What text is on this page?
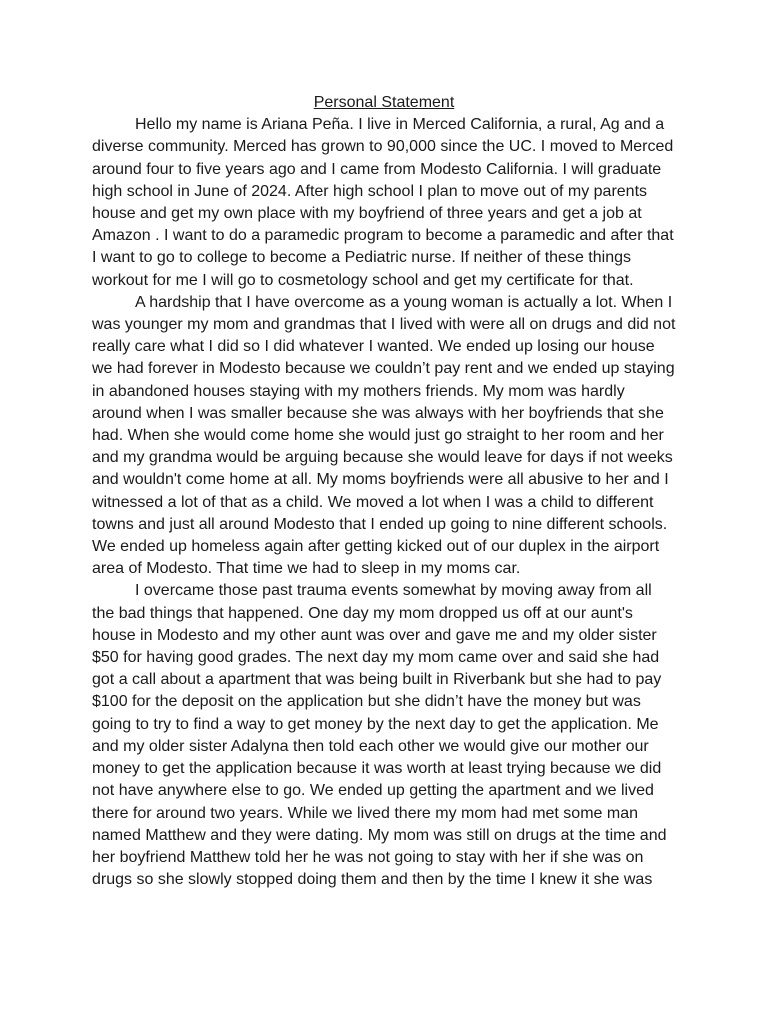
Personal Statement

Hello my name is Ariana Peña. I live in Merced California, a rural, Ag and a diverse community. Merced has grown to 90,000 since the UC. I moved to Merced around four to five years ago and I came from Modesto California. I will graduate high school in June of 2024. After high school I plan to move out of my parents house and get my own place with my boyfriend of three years and get a job at Amazon . I want to do a paramedic program to become a paramedic and after that I want to go to college to become a Pediatric nurse. If neither of these things workout for me I will go to cosmetology school and get my certificate for that.

A hardship that I have overcome as a young woman is actually a lot. When I was younger my mom and grandmas that I lived with were all on drugs and did not really care what I did so I did whatever I wanted. We ended up losing our house we had forever in Modesto because we couldn’t pay rent and we ended up staying in abandoned houses staying with my mothers friends. My mom was hardly around when I was smaller because she was always with her boyfriends that she had. When she would come home she would just go straight to her room and her and my grandma would be arguing because she would leave for days if not weeks and wouldn't come home at all. My moms boyfriends were all abusive to her and I witnessed a lot of that as a child. We moved a lot when I was a child to different towns and just all around Modesto that I ended up going to nine different schools. We ended up homeless again after getting kicked out of our duplex in the airport area of Modesto. That time we had to sleep in my moms car.

I overcame those past trauma events somewhat by moving away from all the bad things that happened. One day my mom dropped us off at our aunt's house in Modesto and my other aunt was over and gave me and my older sister $50 for having good grades. The next day my mom came over and said she had got a call about a apartment that was being built in Riverbank but she had to pay $100 for the deposit on the application but she didn’t have the money but was going to try to find a way to get money by the next day to get the application. Me and my older sister Adalyna then told each other we would give our mother our money to get the application because it was worth at least trying because we did not have anywhere else to go. We ended up getting the apartment and we lived there for around two years. While we lived there my mom had met some man named Matthew and they were dating. My mom was still on drugs at the time and her boyfriend Matthew told her he was not going to stay with her if she was on drugs so she slowly stopped doing them and then by the time I knew it she was
